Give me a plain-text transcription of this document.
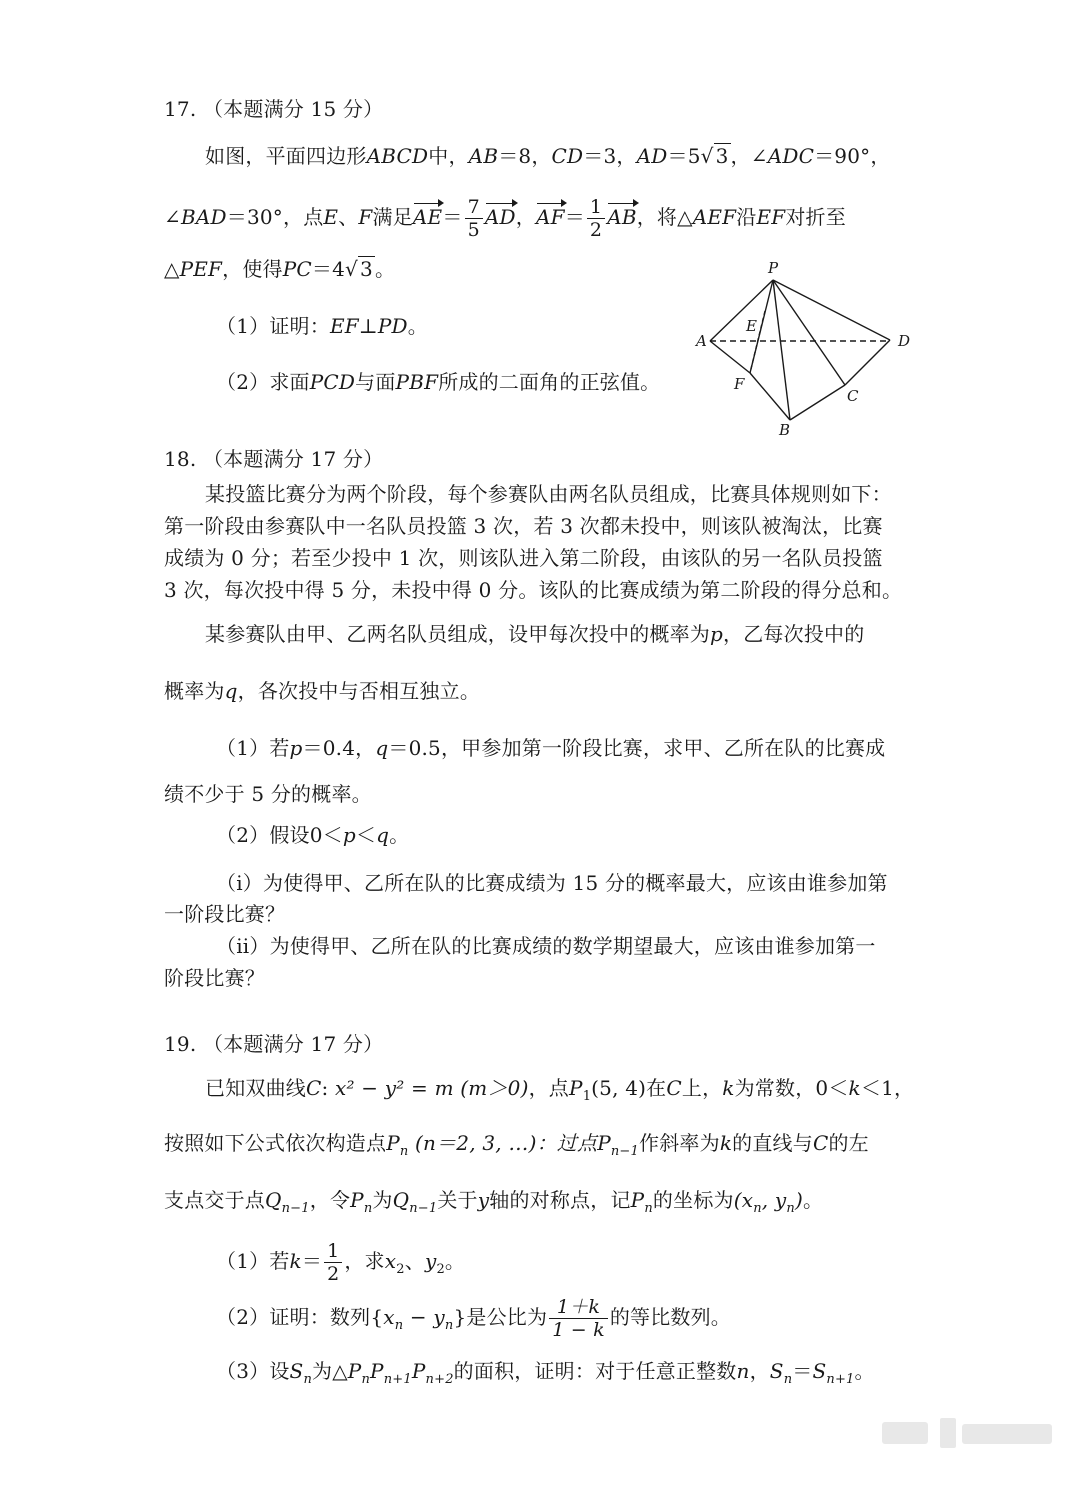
17. （本题满分 15 分）
如图，平面四边形ABCD中，AB＝8，CD＝3，AD＝5√ 3 ，∠ADC＝90°，
∠BAD＝30°，点E、F满足$AE= \frac{7}{5}$ AD，$AF= \frac{1}{2}$ AB，将△AEF沿EF对折至
△PEF，使得PC＝4√ 3 。
（1）证明：EF⊥PD。
（2）求面PCD与面PBF所成的二面角的正弦值。
P
A
E
D
F
C
B
18. （本题满分 17 分）
某投篮比赛分为两个阶段，每个参赛队由两名队员组成，比赛具体规则如下：
第一阶段由参赛队中一名队员投篮 3 次，若 3 次都未投中，则该队被淘汰，比赛
成绩为 0 分；若至少投中 1 次，则该队进入第二阶段，由该队的另一名队员投篮
3 次，每次投中得 5 分，未投中得 0 分。该队的比赛成绩为第二阶段的得分总和。
某参赛队由甲、乙两名队员组成，设甲每次投中的概率为p，乙每次投中的
概率为q，各次投中与否相互独立。
（1）若p＝0.4，q＝0.5，甲参加第一阶段比赛，求甲、乙所在队的比赛成
绩不少于 5 分的概率。
（2）假设0＜p＜q。
（i）为使得甲、乙所在队的比赛成绩为 15 分的概率最大，应该由谁参加第
一阶段比赛？
（ii）为使得甲、乙所在队的比赛成绩的数学期望最大，应该由谁参加第一
阶段比赛？
19. （本题满分 17 分）
已知双曲线C: x² − y² = m (m＞0)，点$P_1(5$, 4)在C上，k为常数，0＜k＜1，
按照如下公式依次构造点$P_n$ (n＝2, 3, …)：过点$P_{n-1}$作斜率为k的直线与C的左
支点交于点$Q_{n-1}$，令$P_n$为$Q_{n-1}$关于y轴的对称点，记$P_n$的坐标为($x_n$, $y_n$)。
（1）若$k= \frac{1}{2}$ ，求$x_2$、$y_2$。
（2）证明：数列$\{x_n - y_n\}$是公比为 $\frac{1+k}{1 - k}$ 的等比数列。
（3）设$S_n$为$\triangle P_nP_{n+1}P_{n+2}$的面积，证明：对于任意正整数n，$S_n=S_{n+1}$。
